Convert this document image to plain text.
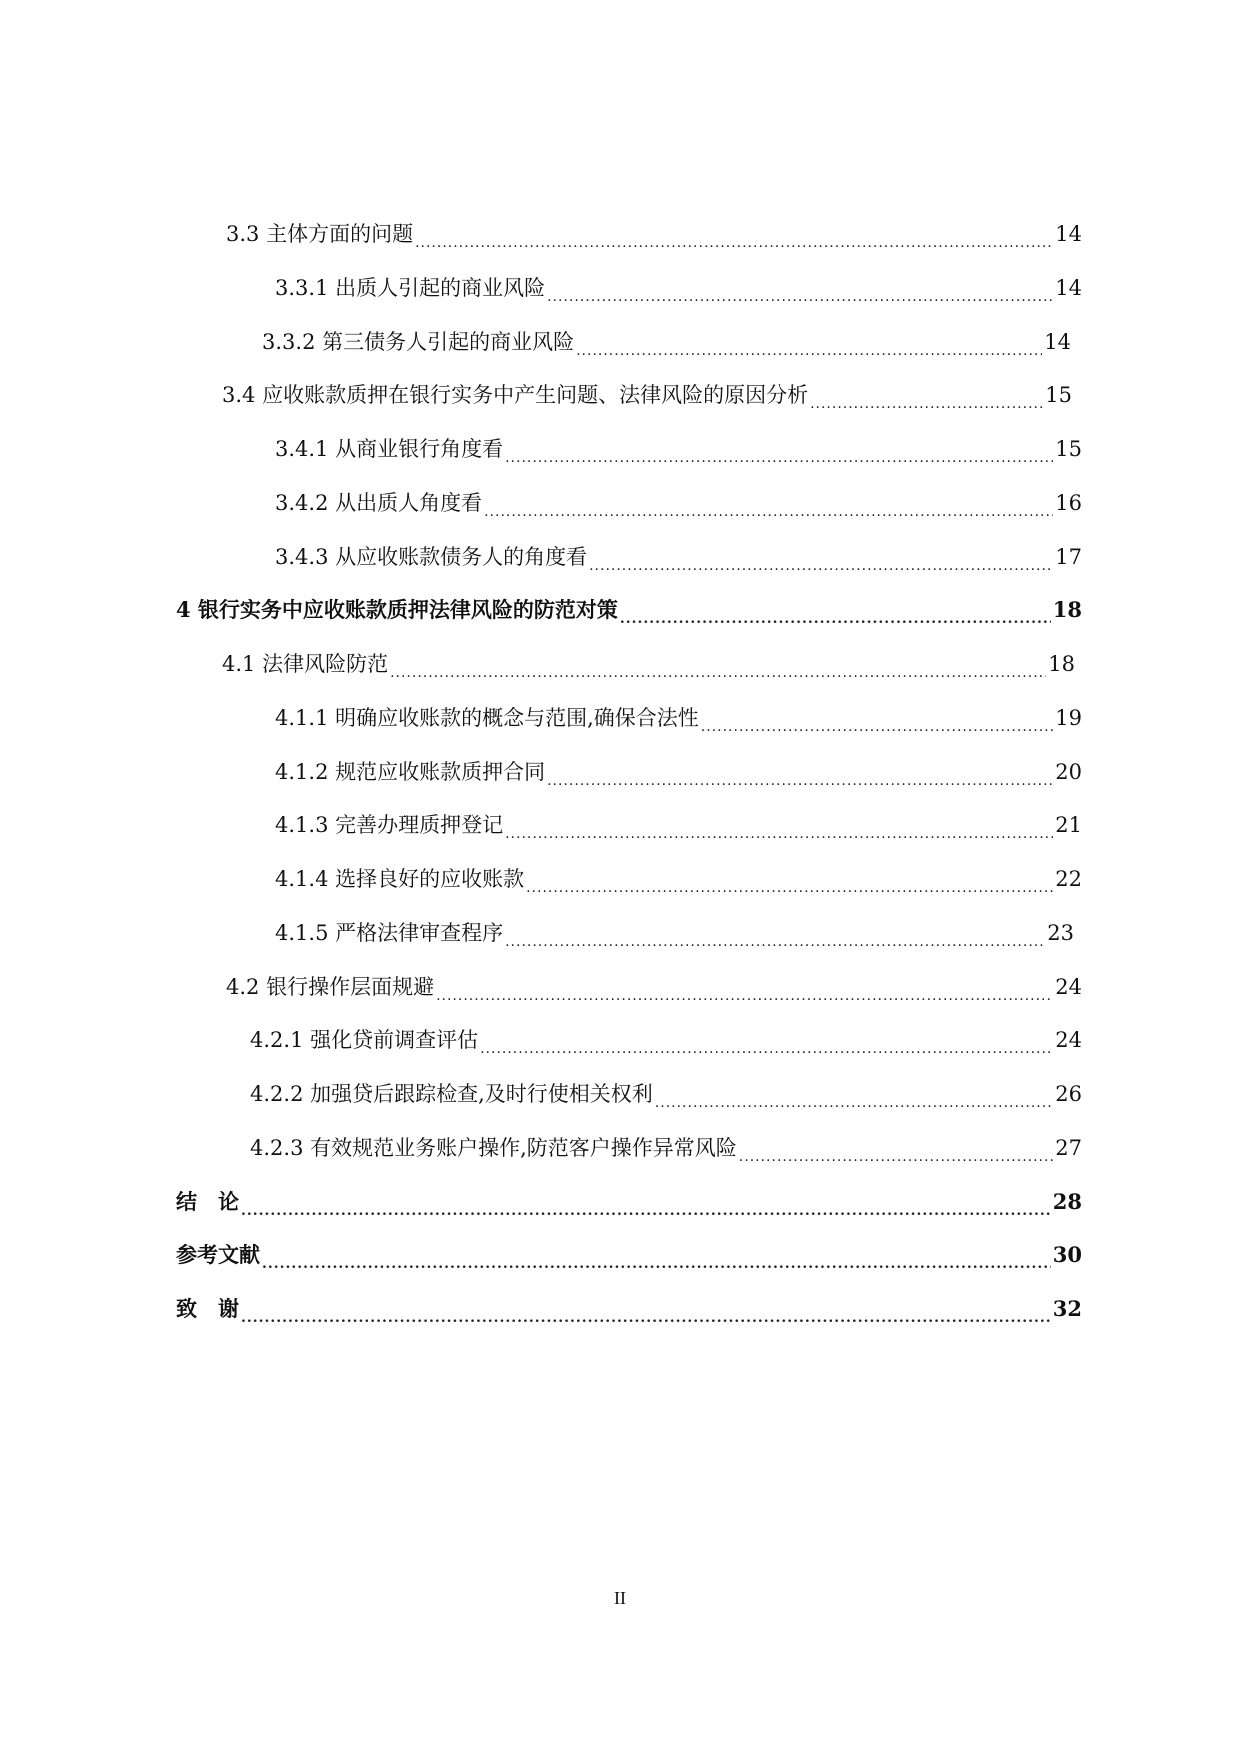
3.3 主体方面的问题 .....	14
3.3.1 出质人引起的商业风险 .....	14
3.3.2 第三债务人引起的商业风险 .....	14
3.4 应收账款质押在银行实务中产生问题、法律风险的原因分析 .....	15
3.4.1 从商业银行角度看 .....	15
3.4.2 从出质人角度看 .....	16
3.4.3 从应收账款债务人的角度看 .....	17
4 银行实务中应收账款质押法律风险的防范对策 .....	18
4.1 法律风险防范 .....	18
4.1.1 明确应收账款的概念与范围,确保合法性 .....	19
4.1.2 规范应收账款质押合同 .....	20
4.1.3 完善办理质押登记 .....	21
4.1.4 选择良好的应收账款 .....	22
4.1.5 严格法律审查程序 .....	23
4.2 银行操作层面规避 .....	24
4.2.1 强化贷前调查评估 .....	24
4.2.2 加强贷后跟踪检查,及时行使相关权利 .....	26
4.2.3 有效规范业务账户操作,防范客户操作异常风险 .....	27
结　论 .....	28
参考文献 .....	30
致　谢 .....	32
II
